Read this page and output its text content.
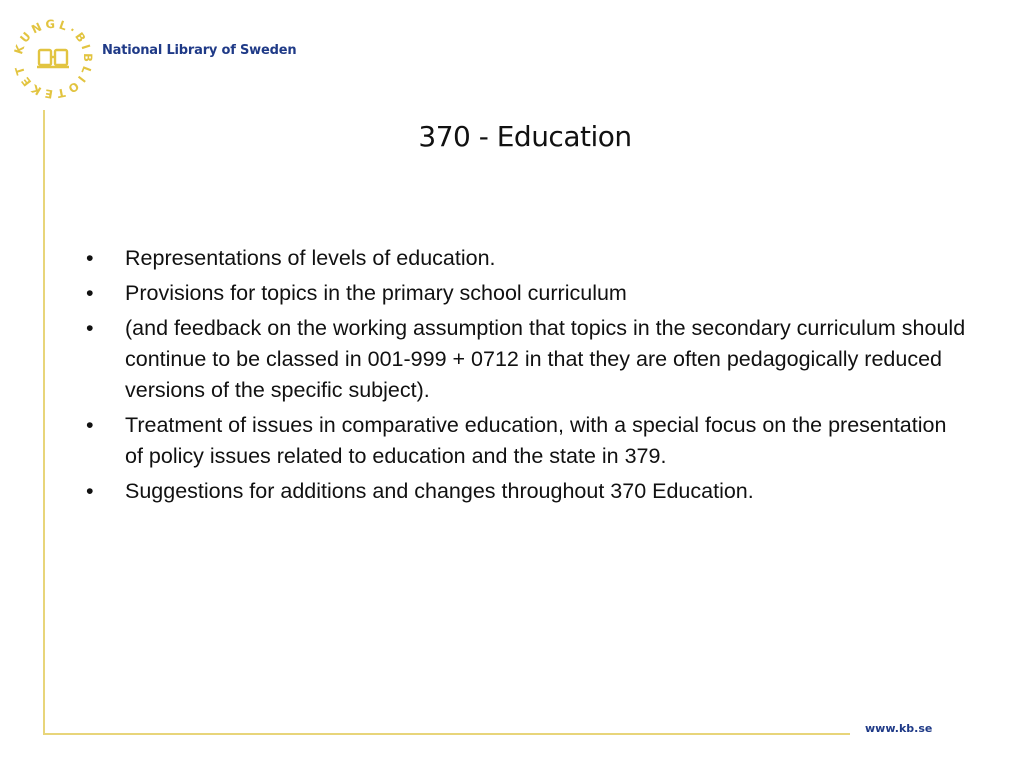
KUNGL·BIBLIOTEKET
National Library of Sweden
370 - Education
•	Representations of levels of education.
•	Provisions for topics in the primary school curriculum
•	(and feedback on the working assumption that topics in the secondary curriculum should continue to be classed in 001-999 + 0712 in that they are often pedagogically reduced versions of the specific subject).
•	Treatment of issues in comparative education, with a special focus on the presentation of policy issues related to education and the state in 379.
•	Suggestions for additions and changes throughout 370 Education.
www.kb.se
